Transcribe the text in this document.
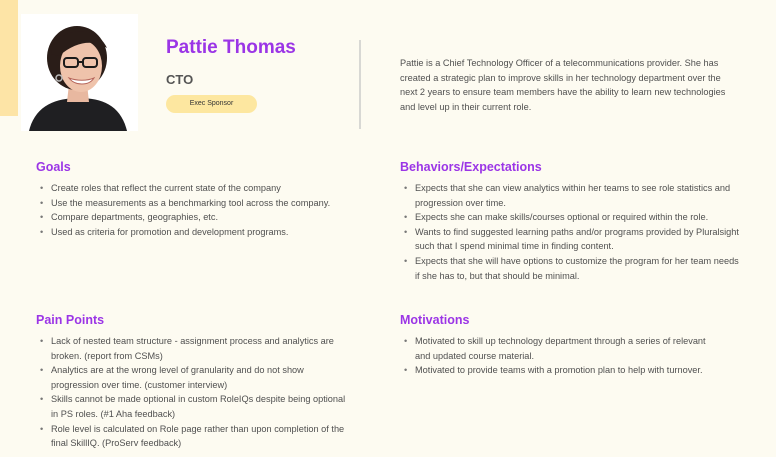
Pattie Thomas
CTO
Exec Sponsor
Pattie is a Chief Technology Officer of a telecommunications provider. She has created a strategic plan to improve skills in her technology department over the next 2 years to ensure team members have the ability to learn new technologies and level up in their current role.
Goals
• Create roles that reflect the current state of the company
• Use the measurements as a benchmarking tool across the company.
• Compare departments, geographies, etc.
• Used as criteria for promotion and development programs.
Behaviors/Expectations
• Expects that she can view analytics within her teams to see role statistics and progression over time.
• Expects she can make skills/courses optional or required within the role.
• Wants to find suggested learning paths and/or programs provided by Pluralsight such that I spend minimal time in finding content.
• Expects that she will have options to customize the program for her team needs if she has to, but that should be minimal.
Pain Points
• Lack of nested team structure - assignment process and analytics are broken. (report from CSMs)
• Analytics are at the wrong level of granularity and do not show progression over time. (customer interview)
• Skills cannot be made optional in custom RoleIQs despite being optional in PS roles. (#1 Aha feedback)
• Role level is calculated on Role page rather than upon completion of the final SkillIQ. (ProServ feedback)
Motivations
• Motivated to skill up technology department through a series of relevant and updated course material.
• Motivated to provide teams with a promotion plan to help with turnover.
